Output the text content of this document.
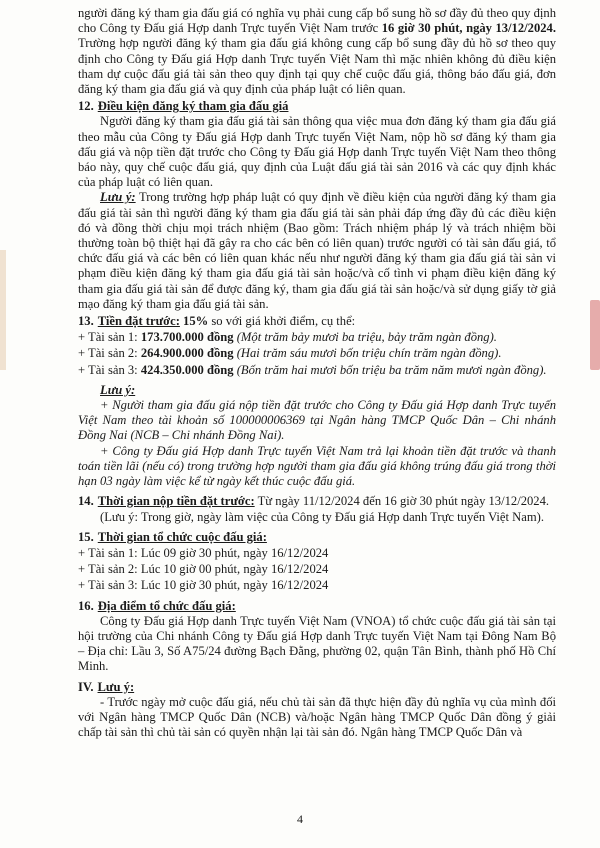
người đăng ký tham gia đấu giá có nghĩa vụ phải cung cấp bổ sung hồ sơ đầy đủ theo quy định cho Công ty Đấu giá Hợp danh Trực tuyến Việt Nam trước 16 giờ 30 phút, ngày 13/12/2024. Trường hợp người đăng ký tham gia đấu giá không cung cấp bổ sung đầy đủ hồ sơ theo quy định cho Công ty Đấu giá Hợp danh Trực tuyến Việt Nam thì mặc nhiên không đủ điều kiện tham dự cuộc đấu giá tài sản theo quy định tại quy chế cuộc đấu giá, thông báo đấu giá, đơn đăng ký tham gia đấu giá và quy định của pháp luật có liên quan.

12. Điều kiện đăng ký tham gia đấu giá

Người đăng ký tham gia đấu giá tài sản thông qua việc mua đơn đăng ký tham gia đấu giá theo mẫu của Công ty Đấu giá Hợp danh Trực tuyến Việt Nam, nộp hồ sơ đăng ký tham gia đấu giá và nộp tiền đặt trước cho Công ty Đấu giá Hợp danh Trực tuyến Việt Nam theo thông báo này, quy chế cuộc đấu giá, quy định của Luật đấu giá tài sản 2016 và các quy định khác của pháp luật có liên quan.

Lưu ý: Trong trường hợp pháp luật có quy định về điều kiện của người đăng ký tham gia đấu giá tài sản thì người đăng ký tham gia đấu giá tài sản phải đáp ứng đầy đủ các điều kiện đó và đồng thời chịu mọi trách nhiệm (Bao gồm: Trách nhiệm pháp lý và trách nhiệm bồi thường toàn bộ thiệt hại đã gây ra cho các bên có liên quan) trước người có tài sản đấu giá, tổ chức đấu giá và các bên có liên quan khác nếu như người đăng ký tham gia đấu giá tài sản vi phạm điều kiện đăng ký tham gia đấu giá tài sản hoặc/và cố tình vi phạm điều kiện đăng ký tham gia đấu giá tài sản để được đăng ký, tham gia đấu giá tài sản hoặc/và sử dụng giấy tờ giả mạo đăng ký tham gia đấu giá tài sản.

13. Tiền đặt trước: 15% so với giá khởi điểm, cụ thể:

+ Tài sản 1: 173.700.000 đồng (Một trăm bảy mươi ba triệu, bảy trăm ngàn đồng).

+ Tài sản 2: 264.900.000 đồng (Hai trăm sáu mươi bốn triệu chín trăm ngàn đồng).

+ Tài sản 3: 424.350.000 đồng (Bốn trăm hai mươi bốn triệu ba trăm năm mươi ngàn đồng).

Lưu ý:

+ Người tham gia đấu giá nộp tiền đặt trước cho Công ty Đấu giá Hợp danh Trực tuyến Việt Nam theo tài khoản số 100000006369 tại Ngân hàng TMCP Quốc Dân – Chi nhánh Đồng Nai (NCB – Chi nhánh Đồng Nai).

+ Công ty Đấu giá Hợp danh Trực tuyến Việt Nam trả lại khoản tiền đặt trước và thanh toán tiền lãi (nếu có) trong trường hợp người tham gia đấu giá không trúng đấu giá trong thời hạn 03 ngày làm việc kể từ ngày kết thúc cuộc đấu giá.

14. Thời gian nộp tiền đặt trước: Từ ngày 11/12/2024 đến 16 giờ 30 phút ngày 13/12/2024.

(Lưu ý: Trong giờ, ngày làm việc của Công ty Đấu giá Hợp danh Trực tuyến Việt Nam).

15. Thời gian tổ chức cuộc đấu giá:

+ Tài sản 1: Lúc 09 giờ 30 phút, ngày 16/12/2024

+ Tài sản 2: Lúc 10 giờ 00 phút, ngày 16/12/2024

+ Tài sản 3: Lúc 10 giờ 30 phút, ngày 16/12/2024

16. Địa điểm tổ chức đấu giá:

Công ty Đấu giá Hợp danh Trực tuyến Việt Nam (VNOA) tổ chức cuộc đấu giá tài sản tại hội trường của Chi nhánh Công ty Đấu giá Hợp danh Trực tuyến Việt Nam tại Đông Nam Bộ – Địa chỉ: Lầu 3, Số A75/24 đường Bạch Đằng, phường 02, quận Tân Bình, thành phố Hồ Chí Minh.

IV. Lưu ý:

- Trước ngày mở cuộc đấu giá, nếu chủ tài sản đã thực hiện đầy đủ nghĩa vụ của mình đối với Ngân hàng TMCP Quốc Dân (NCB) và/hoặc Ngân hàng TMCP Quốc Dân đồng ý giải chấp tài sản thì chủ tài sản có quyền nhận lại tài sản đó. Ngân hàng TMCP Quốc Dân và

4
